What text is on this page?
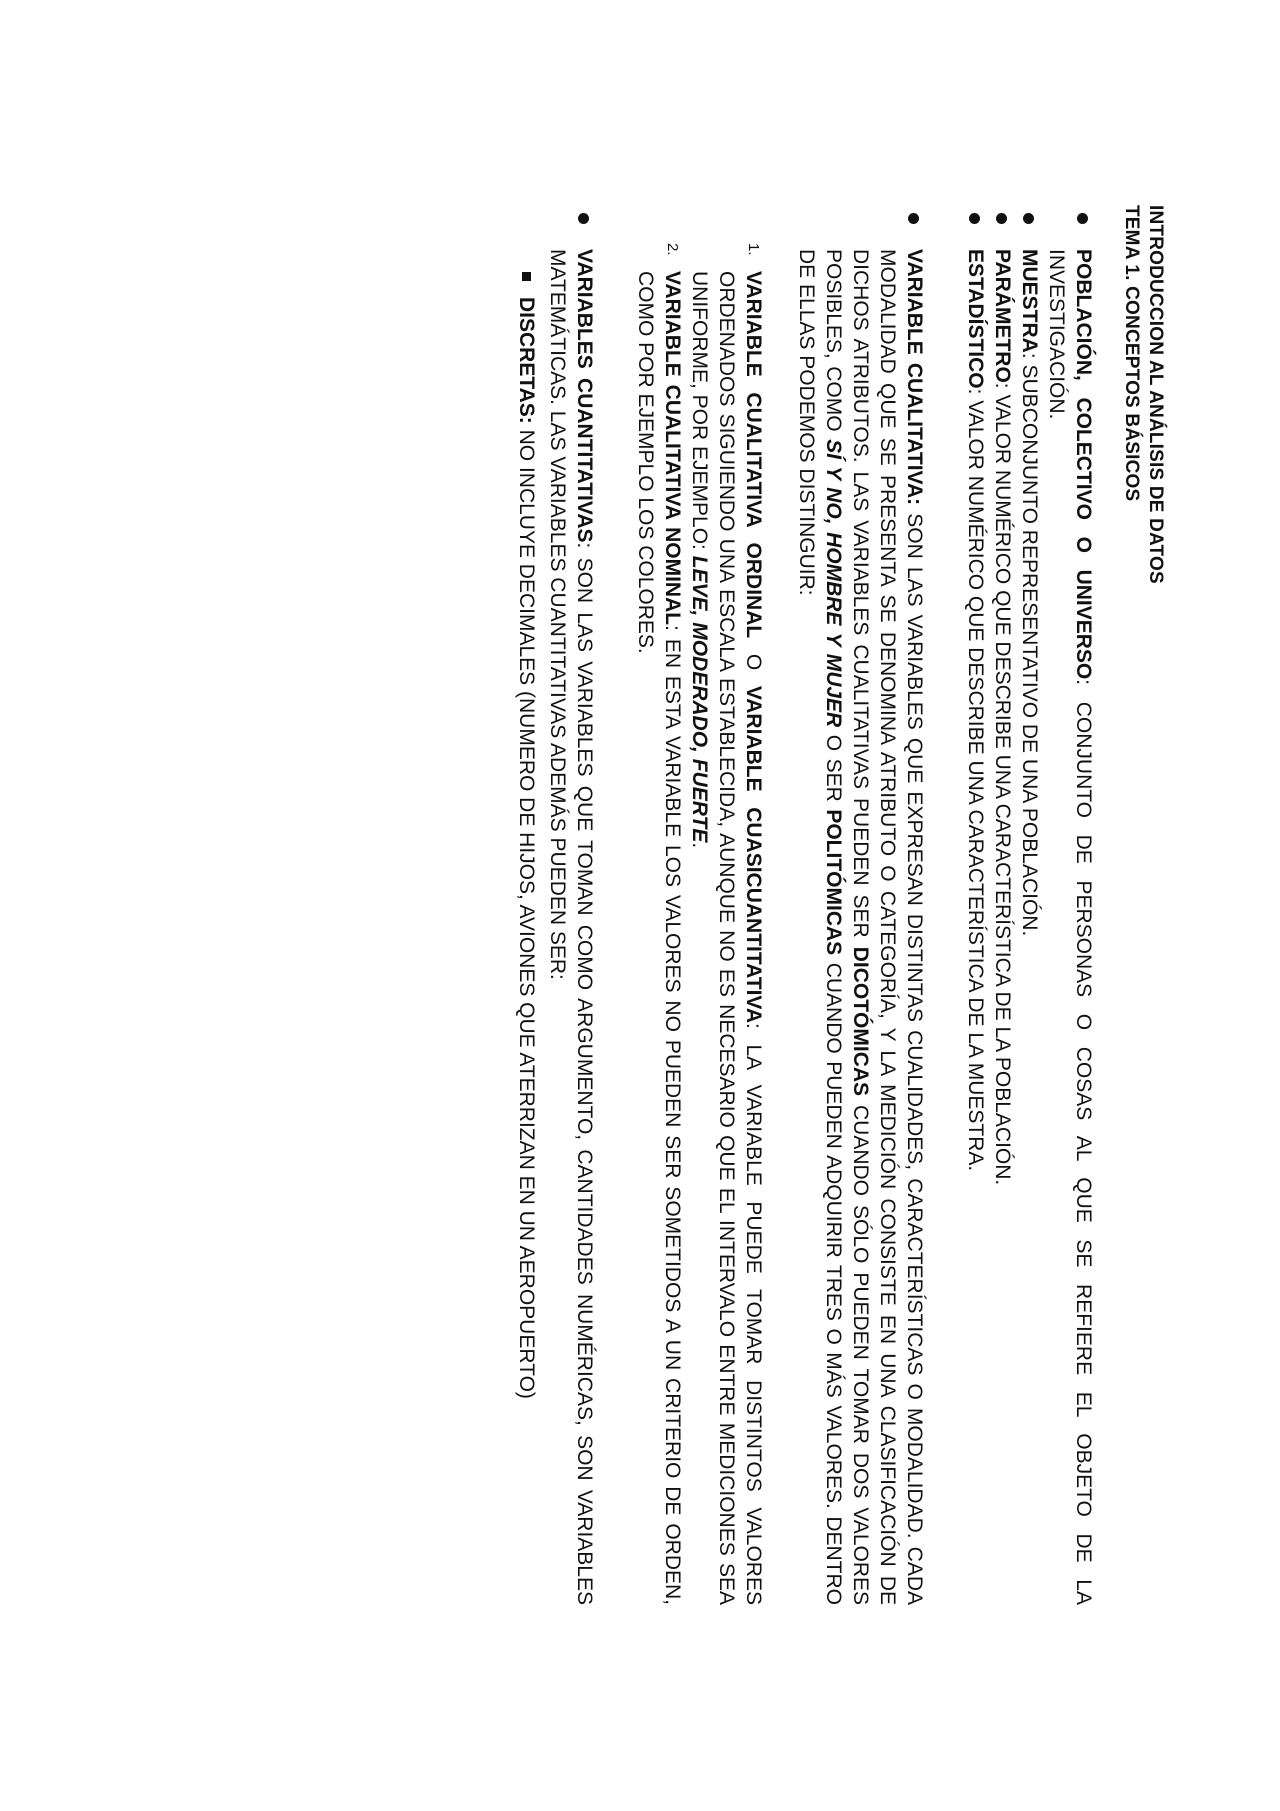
INTRODUCCION AL ANÁLISIS DE DATOS
TEMA 1. CONCEPTOS BÁSICOS
POBLACIÓN, COLECTIVO O UNIVERSO: CONJUNTO DE PERSONAS O COSAS AL QUE SE REFIERE EL OBJETO DE LA INVESTIGACIÓN.
MUESTRA: SUBCONJUNTO REPRESENTATIVO DE UNA POBLACIÓN.
PARÁMETRO: VALOR NUMÉRICO QUE DESCRIBE UNA CARACTERÍSTICA DE LA POBLACIÓN.
ESTADÍSTICO: VALOR NUMÉRICO QUE DESCRIBE UNA CARACTERÍSTICA DE LA MUESTRA.
VARIABLE CUALITATIVA: SON LAS VARIABLES QUE EXPRESAN DISTINTAS CUALIDADES, CARACTERÍSTICAS O MODALIDAD. CADA MODALIDAD QUE SE PRESENTA SE DENOMINA ATRIBUTO O CATEGORÍA, Y LA MEDICIÓN CONSISTE EN UNA CLASIFICACIÓN DE DICHOS ATRIBUTOS. LAS VARIABLES CUALITATIVAS PUEDEN SER DICOTÓMICAS CUANDO SÓLO PUEDEN TOMAR DOS VALORES POSIBLES, COMO SÍ Y NO, HOMBRE Y MUJER O SER POLITÓMICAS CUANDO PUEDEN ADQUIRIR TRES O MÁS VALORES. DENTRO DE ELLAS PODEMOS DISTINGUIR:
1.
VARIABLE CUALITATIVA ORDINAL O VARIABLE CUASICUANTITATIVA: LA VARIABLE PUEDE TOMAR DISTINTOS VALORES ORDENADOS SIGUIENDO UNA ESCALA ESTABLECIDA, AUNQUE NO ES NECESARIO QUE EL INTERVALO ENTRE MEDICIONES SEA UNIFORME, POR EJEMPLO: LEVE, MODERADO, FUERTE.
2.
VARIABLE CUALITATIVA NOMINAL: EN ESTA VARIABLE LOS VALORES NO PUEDEN SER SOMETIDOS A UN CRITERIO DE ORDEN, COMO POR EJEMPLO LOS COLORES.
VARIABLES CUANTITATIVAS: SON LAS VARIABLES QUE TOMAN COMO ARGUMENTO, CANTIDADES NUMÉRICAS, SON VARIABLES MATEMÁTICAS. LAS VARIABLES CUANTITATIVAS ADEMÁS PUEDEN SER:
DISCRETAS: NO INCLUYE DECIMALES (NUMERO DE HIJOS, AVIONES QUE ATERRIZAN EN UN AEROPUERTO)
